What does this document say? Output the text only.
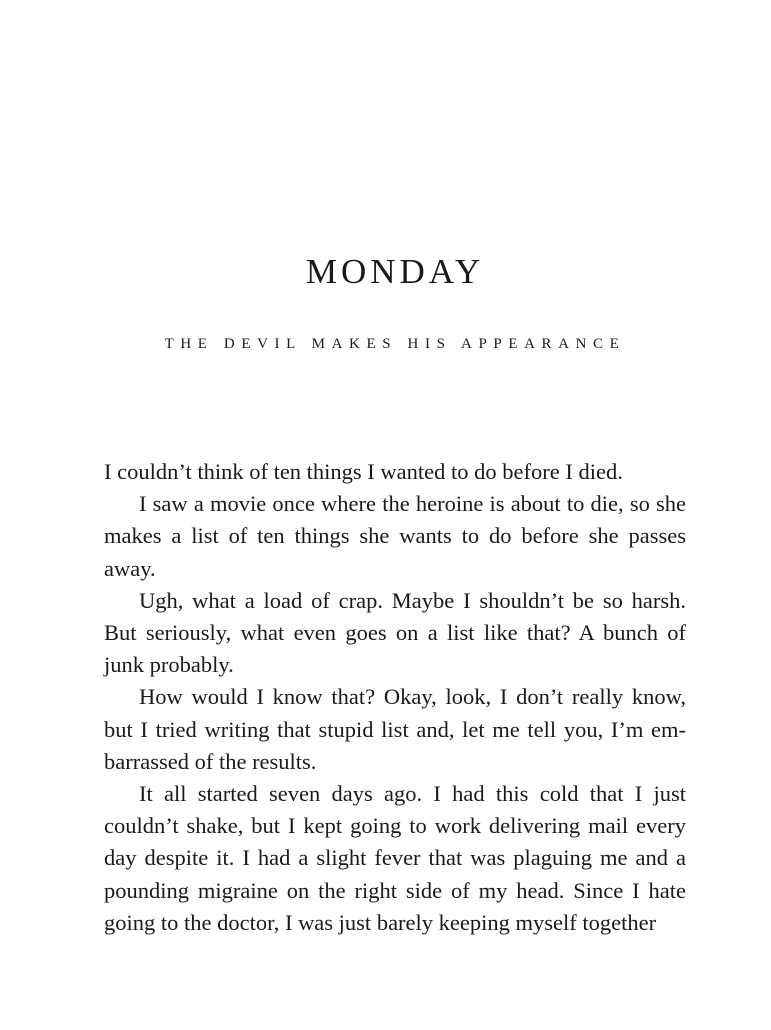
MONDAY
THE DEVIL MAKES HIS APPEARANCE

I couldn’t think of ten things I wanted to do before I died.

I saw a movie once where the heroine is about to die, so she makes a list of ten things she wants to do before she passes away.

Ugh, what a load of crap. Maybe I shouldn’t be so harsh. But seriously, what even goes on a list like that? A bunch of junk probably.

How would I know that? Okay, look, I don’t really know, but I tried writing that stupid list and, let me tell you, I’m embarrassed of the results.

It all started seven days ago. I had this cold that I just couldn’t shake, but I kept going to work delivering mail every day despite it. I had a slight fever that was plaguing me and a pounding migraine on the right side of my head. Since I hate going to the doctor, I was just barely keeping myself together
